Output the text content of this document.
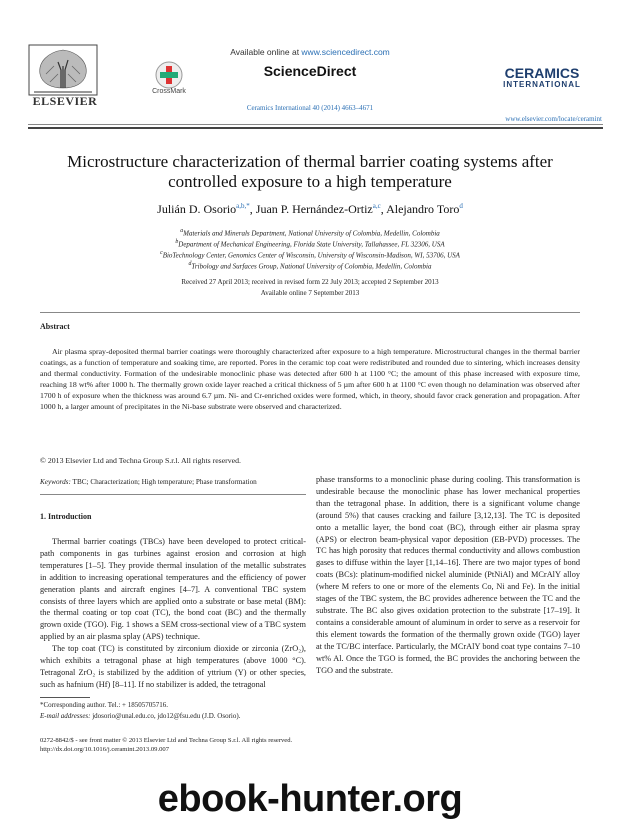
ELSEVIER
CrossMark
Available online at www.sciencedirect.com
ScienceDirect
Ceramics International 40 (2014) 4663–4671
CERAMICS
INTERNATIONAL
www.elsevier.com/locate/ceramint
Microstructure characterization of thermal barrier coating systems after controlled exposure to a high temperature
Julián D. Osorio$^{a,b,*}$, Juan P. Hernández-Ortiz$^{a,c}$, Alejandro Toro$^d$
$^a$Materials and Minerals Department, National University of Colombia, Medellin, Colombia
$^b$Department of Mechanical Engineering, Florida State University, Tallahassee, FL 32306, USA
$^c$BioTechnology Center, Genomics Center of Wisconsin, University of Wisconsin-Madison, WI, 53706, USA
$^d$Tribology and Surfaces Group, National University of Colombia, Medellin, Colombia
Received 27 April 2013; received in revised form 22 July 2013; accepted 2 September 2013
Available online 7 September 2013
Abstract
Air plasma spray-deposited thermal barrier coatings were thoroughly characterized after exposure to a high temperature. Microstructural changes in the thermal barrier coatings, as a function of temperature and soaking time, are reported. Pores in the ceramic top coat were redistributed and rounded due to sintering, which increases density and thermal conductivity. Formation of the undesirable monoclinic phase was detected after 600 h at 1100 °C; the amount of this phase increased with exposure time, reaching 18 wt% after 1000 h. The thermally grown oxide layer reached a critical thickness of 5 µm after 600 h at 1100 °C even though no delamination was observed after 1700 h of exposure when the thickness was around 6.7 µm. Ni- and Cr-enriched oxides were formed, which, in theory, should favor crack generation and propagation. After 1000 h, a larger amount of precipitates in the Ni-base substrate were observed and characterized.
© 2013 Elsevier Ltd and Techna Group S.r.l. All rights reserved.
Keywords: TBC; Characterization; High temperature; Phase transformation
1. Introduction

Thermal barrier coatings (TBCs) have been developed to protect critical-path components in gas turbines against erosion and corrosion at high temperatures [1–5]. They provide thermal insulation of the metallic substrates in addition to increasing operational temperatures and the efficiency of power generation plants and aircraft engines [4–7]. A conventional TBC system consists of three layers which are applied onto a substrate or base metal (BM): the thermal coating or top coat (TC), the bond coat (BC) and the thermally grown oxide (TGO). Fig. 1 shows a SEM cross-sectional view of a TBC system applied by an air plasma splay (APS) technique.

The top coat (TC) is constituted by zirconium dioxide or zirconia (ZrO₂), which exhibits a tetragonal phase at high temperatures (above 1000 °C). Tetragonal ZrO₂ is stabilized by the addition of yttrium (Y) or other species, such as hafnium (Hf) [8–11]. If no stabilizer is added, the tetragonal

phase transforms to a monoclinic phase during cooling. This transformation is undesirable because the monoclinic phase has lower mechanical properties than the tetragonal phase. In addition, there is a significant volume change (around 5%) that causes cracking and failure [3,12,13]. The TC is deposited onto a metallic layer, the bond coat (BC), through either air plasma spray (APS) or electron beam-physical vapor deposition (EB-PVD) processes. The TC has high porosity that reduces thermal conductivity and allows combustion gases to diffuse within the layer [1,14–16]. There are two major types of bond coats (BCs): platinum-modified nickel aluminide (PtNiAl) and MCrAlY alloy (where M refers to one or more of the elements Co, Ni and Fe). In the initial stages of the TBC system, the BC provides adherence between the TC and the substrate. The BC also gives oxidation protection to the substrate [17–19]. It contains a considerable amount of aluminum in order to serve as a reservoir for this element towards the formation of the thermally grown oxide (TGO) layer at the TC/BC interface. Particularly, the MCrAlY bond coat type contains 7–10 wt% Al. Once the TGO is formed, the BC provides the anchoring between the TGO and the substrate.

*Corresponding author. Tel.: + 18505705716.
E-mail addresses: jdosorio@unal.edu.co, jdo12@fsu.edu (J.D. Osorio).
0272-8842/$ - see front matter © 2013 Elsevier Ltd and Techna Group S.r.l. All rights reserved.
http://dx.doi.org/10.1016/j.ceramint.2013.09.007
ebook-hunter.org
